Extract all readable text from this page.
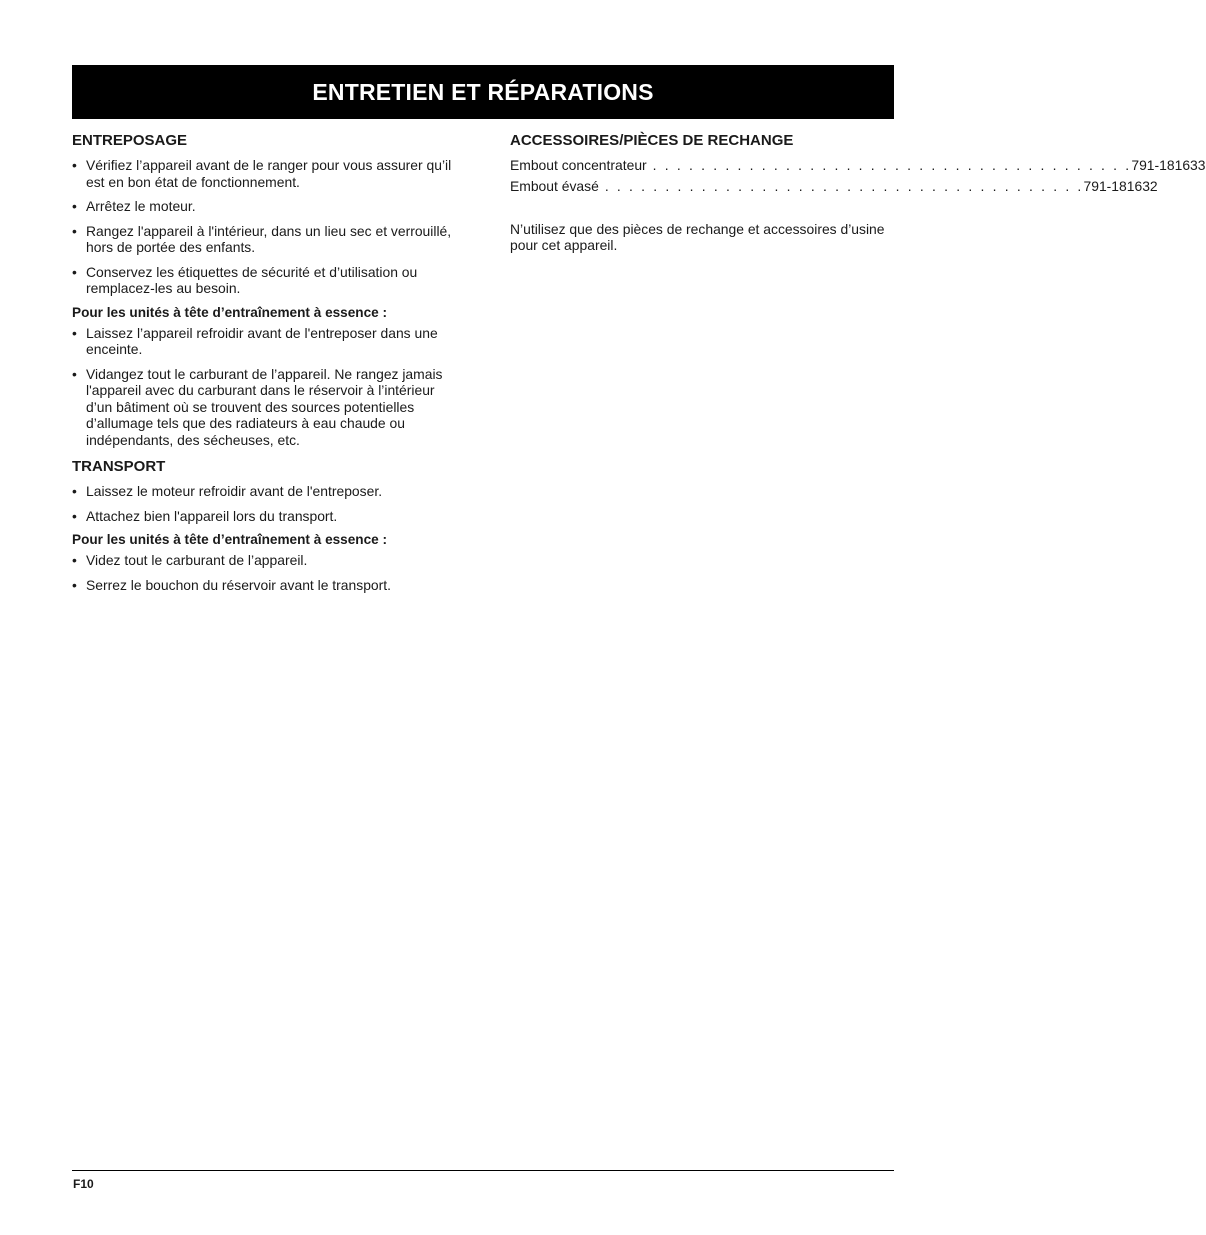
ENTRETIEN ET RÉPARATIONS
ENTREPOSAGE
• Vérifiez l’appareil avant de le ranger pour vous assurer qu’il est en bon état de fonctionnement.
• Arrêtez le moteur.
• Rangez l'appareil à l'intérieur, dans un lieu sec et verrouillé, hors de portée des enfants.
• Conservez les étiquettes de sécurité et d’utilisation ou remplacez-les au besoin.
Pour les unités à tête d’entraînement à essence :
• Laissez l’appareil refroidir avant de l'entreposer dans une enceinte.
• Vidangez tout le carburant de l’appareil. Ne rangez jamais l'appareil avec du carburant dans le réservoir à l’intérieur d’un bâtiment où se trouvent des sources potentielles d’allumage tels que des radiateurs à eau chaude ou indépendants, des sécheuses, etc.
TRANSPORT
• Laissez le moteur refroidir avant de l'entreposer.
• Attachez bien l'appareil lors du transport.
Pour les unités à tête d’entraînement à essence :
• Videz tout le carburant de l’appareil.
• Serrez le bouchon du réservoir avant le transport.
ACCESSOIRES/PIÈCES DE RECHANGE
Embout concentrateur . . . . . . . . . . . . . . . . . . . . . . . . . . . . . . . . . . . . . . . . 791-181633
Embout évasé . . . . . . . . . . . . . . . . . . . . . . . . . . . . . . . . . . . . . . . . 791-181632
N’utilisez que des pièces de rechange et accessoires d’usine pour cet appareil.
F10
